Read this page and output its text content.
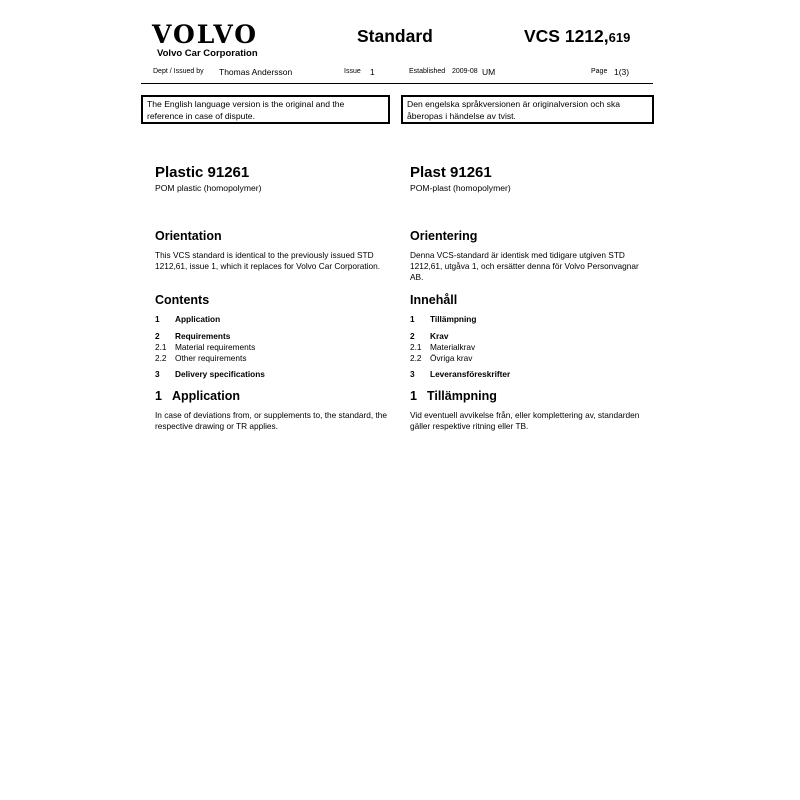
VOLVO
Volvo Car Corporation
Standard	VCS 1212,619
Dept / Issued by Thomas Andersson	Issue 1	Established 2009-08 UM	Page 1(3)
The English language version is the original and the
reference in case of dispute.
Den engelska språkversionen är originalversion och ska
åberopas i händelse av tvist.
Plastic 91261
POM plastic (homopolymer)
Orientation
This VCS standard is identical to the previously issued STD 1212,61, issue 1, which it replaces for Volvo Car Corporation.
Contents
1 Application
2 Requirements
2.1 Material requirements
2.2 Other requirements
3 Delivery specifications
1 Application
In case of deviations from, or supplements to, the standard, the respective drawing or TR applies.
Plast 91261
POM-plast (homopolymer)
Orientering
Denna VCS-standard är identisk med tidigare utgiven STD 1212,61, utgåva 1, och ersätter denna för Volvo Personvagnar AB.
Innehåll
1 Tillämpning
2 Krav
2.1 Materialkrav
2.2 Övriga krav
3 Leveransföreskrifter
1 Tillämpning
Vid eventuell avvikelse från, eller komplettering av, standarden gäller respektive ritning eller TB.
